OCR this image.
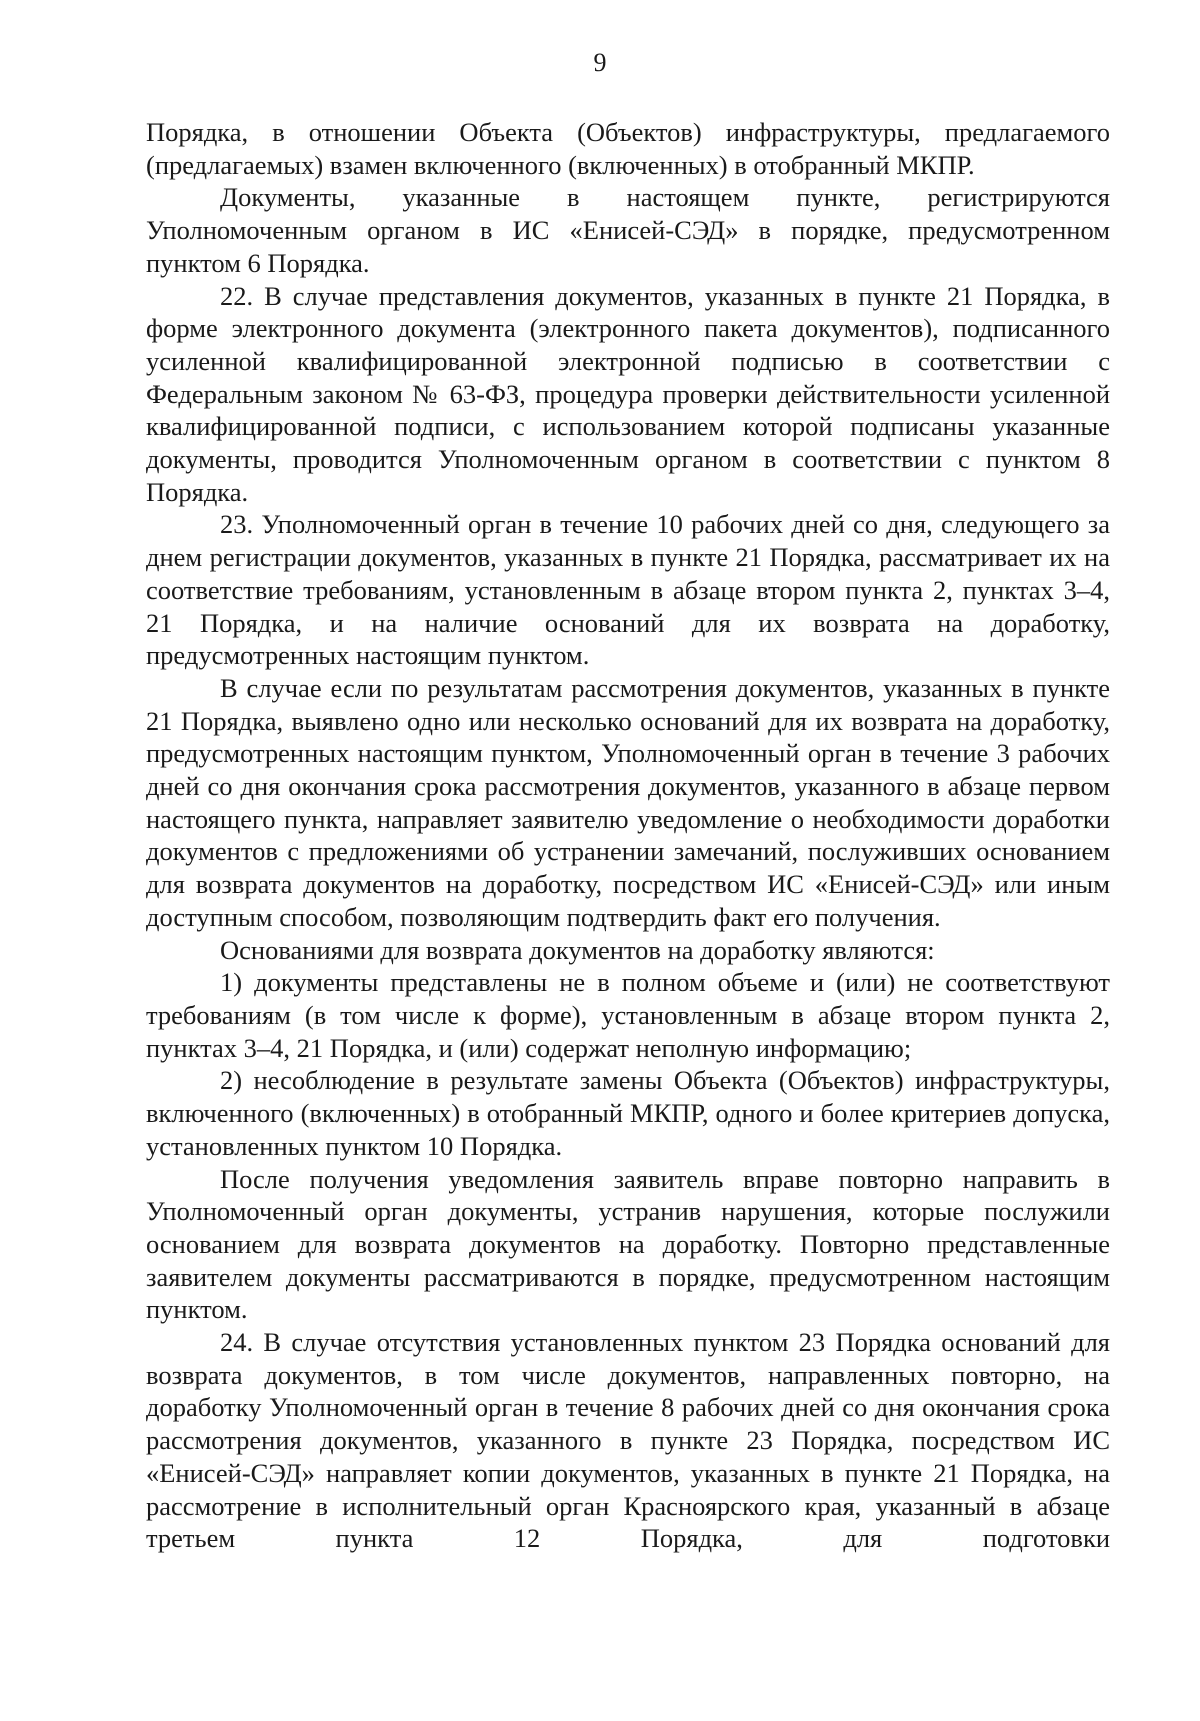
9

Порядка, в отношении Объекта (Объектов) инфраструктуры, предлагаемого (предлагаемых) взамен включенного (включенных) в отобранный МКПР.

Документы, указанные в настоящем пункте, регистрируются Уполномоченным органом в ИС «Енисей-СЭД» в порядке, предусмотренном пунктом 6 Порядка.

22. В случае представления документов, указанных в пункте 21 Порядка, в форме электронного документа (электронного пакета документов), подписанного усиленной квалифицированной электронной подписью в соответствии с Федеральным законом № 63-ФЗ, процедура проверки действительности усиленной квалифицированной подписи, с использованием которой подписаны указанные документы, проводится Уполномоченным органом в соответствии с пунктом 8 Порядка.

23. Уполномоченный орган в течение 10 рабочих дней со дня, следующего за днем регистрации документов, указанных в пункте 21 Порядка, рассматривает их на соответствие требованиям, установленным в абзаце втором пункта 2, пунктах 3–4, 21 Порядка, и на наличие оснований для их возврата на доработку, предусмотренных настоящим пунктом.

В случае если по результатам рассмотрения документов, указанных в пункте 21 Порядка, выявлено одно или несколько оснований для их возврата на доработку, предусмотренных настоящим пунктом, Уполномоченный орган в течение 3 рабочих дней со дня окончания срока рассмотрения документов, указанного в абзаце первом настоящего пункта, направляет заявителю уведомление о необходимости доработки документов с предложениями об устранении замечаний, послуживших основанием для возврата документов на доработку, посредством ИС «Енисей-СЭД» или иным доступным способом, позволяющим подтвердить факт его получения.

Основаниями для возврата документов на доработку являются:

1) документы представлены не в полном объеме и (или) не соответствуют требованиям (в том числе к форме), установленным в абзаце втором пункта 2, пунктах 3–4, 21 Порядка, и (или) содержат неполную информацию;

2) несоблюдение в результате замены Объекта (Объектов) инфраструктуры, включенного (включенных) в отобранный МКПР, одного и более критериев допуска, установленных пунктом 10 Порядка.

После получения уведомления заявитель вправе повторно направить в Уполномоченный орган документы, устранив нарушения, которые послужили основанием для возврата документов на доработку. Повторно представленные заявителем документы рассматриваются в порядке, предусмотренном настоящим пунктом.

24. В случае отсутствия установленных пунктом 23 Порядка оснований для возврата документов, в том числе документов, направленных повторно, на доработку Уполномоченный орган в течение 8 рабочих дней со дня окончания срока рассмотрения документов, указанного в пункте 23 Порядка, посредством ИС «Енисей-СЭД» направляет копии документов, указанных в пункте 21 Порядка, на рассмотрение в исполнительный орган Красноярского края, указанный в абзаце третьем пункта 12 Порядка, для подготовки
